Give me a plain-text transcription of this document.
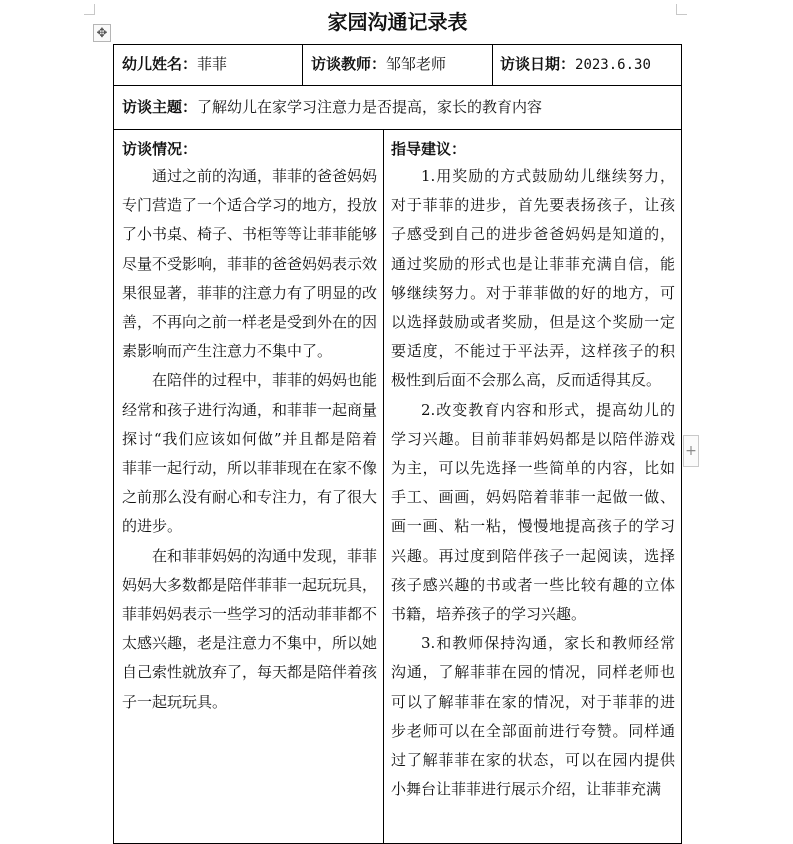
✥
+
家园沟通记录表
幼儿姓名：菲菲	访谈教师：邹邹老师	访谈日期：2023.6.30
访谈主题：了解幼儿在家学习注意力是否提高，家长的教育内容
访谈情况：

通过之前的沟通，菲菲的爸爸妈妈专门营造了一个适合学习的地方，投放了小书桌、椅子、书柜等等让菲菲能够尽量不受影响，菲菲的爸爸妈妈表示效果很显著，菲菲的注意力有了明显的改善，不再向之前一样老是受到外在的因素影响而产生注意力不集中了。

在陪伴的过程中，菲菲的妈妈也能经常和孩子进行沟通，和菲菲一起商量探讨“我们应该如何做”并且都是陪着菲菲一起行动，所以菲菲现在在家不像之前那么没有耐心和专注力，有了很大的进步。

在和菲菲妈妈的沟通中发现，菲菲妈妈大多数都是陪伴菲菲一起玩玩具，菲菲妈妈表示一些学习的活动菲菲都不太感兴趣，老是注意力不集中，所以她自己索性就放弃了，每天都是陪伴着孩子一起玩玩具。

指导建议：

1.用奖励的方式鼓励幼儿继续努力，对于菲菲的进步，首先要表扬孩子，让孩子感受到自己的进步爸爸妈妈是知道的，通过奖励的形式也是让菲菲充满自信，能够继续努力。对于菲菲做的好的地方，可以选择鼓励或者奖励，但是这个奖励一定要适度，不能过于平法弄，这样孩子的积极性到后面不会那么高，反而适得其反。

2.改变教育内容和形式，提高幼儿的学习兴趣。目前菲菲妈妈都是以陪伴游戏为主，可以先选择一些简单的内容，比如手工、画画，妈妈陪着菲菲一起做一做、画一画、粘一粘，慢慢地提高孩子的学习兴趣。再过度到陪伴孩子一起阅读，选择孩子感兴趣的书或者一些比较有趣的立体书籍，培养孩子的学习兴趣。

3.和教师保持沟通，家长和教师经常沟通，了解菲菲在园的情况，同样老师也可以了解菲菲在家的情况，对于菲菲的进步老师可以在全部面前进行夸赞。同样通过了解菲菲在家的状态，可以在园内提供小舞台让菲菲进行展示介绍，让菲菲充满
